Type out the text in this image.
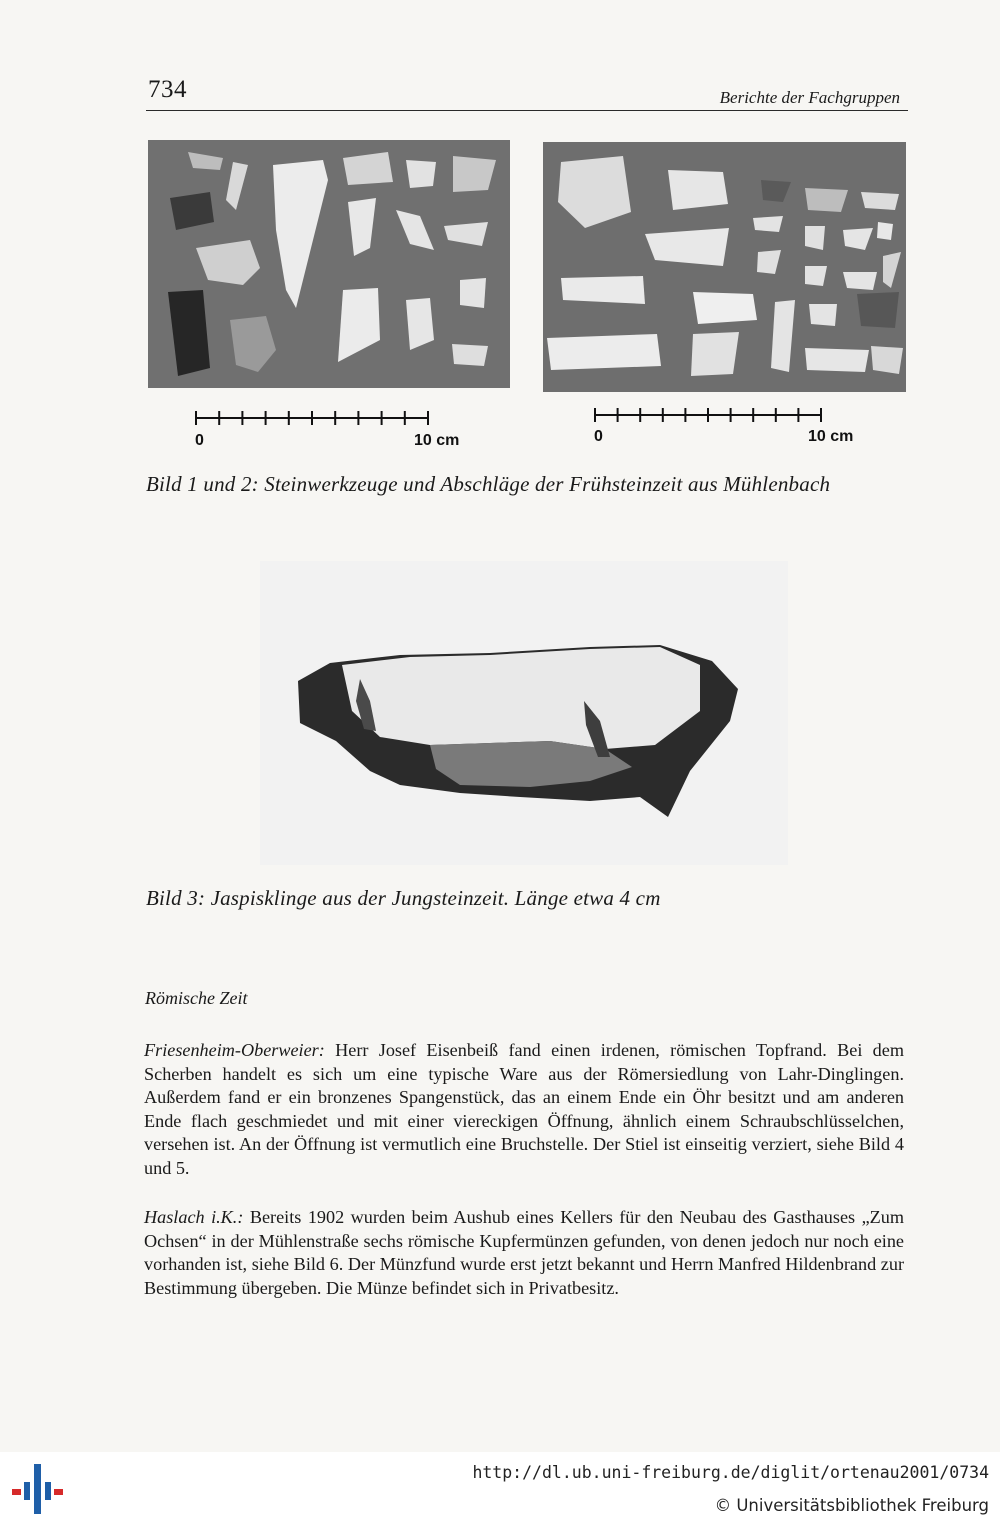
734	Berichte der Fachgruppen
0	10 cm	0	10 cm
Bild 1 und 2: Steinwerkzeuge und Abschläge der Frühsteinzeit aus Mühlenbach
Bild 3: Jaspisklinge aus der Jungsteinzeit. Länge etwa 4 cm
Römische Zeit

Friesenheim-Oberweier: Herr Josef Eisenbeiß fand einen irdenen, römischen Topfrand. Bei dem Scherben handelt es sich um eine typische Ware aus der Römersiedlung von Lahr-Dinglingen. Außerdem fand er ein bronzenes Spangenstück, das an einem Ende ein Öhr besitzt und am anderen Ende flach geschmiedet und mit einer viereckigen Öffnung, ähnlich einem Schraubschlüsselchen, versehen ist. An der Öffnung ist vermutlich eine Bruchstelle. Der Stiel ist einseitig verziert, siehe Bild 4 und 5.

Haslach i.K.: Bereits 1902 wurden beim Aushub eines Kellers für den Neubau des Gasthauses „Zum Ochsen“ in der Mühlenstraße sechs römische Kupfermünzen gefunden, von denen jedoch nur noch eine vorhanden ist, siehe Bild 6. Der Münzfund wurde erst jetzt bekannt und Herrn Manfred Hildenbrand zur Bestimmung übergeben. Die Münze befindet sich in Privatbesitz.

http://dl.ub.uni-freiburg.de/diglit/ortenau2001/0734
© Universitätsbibliothek Freiburg
